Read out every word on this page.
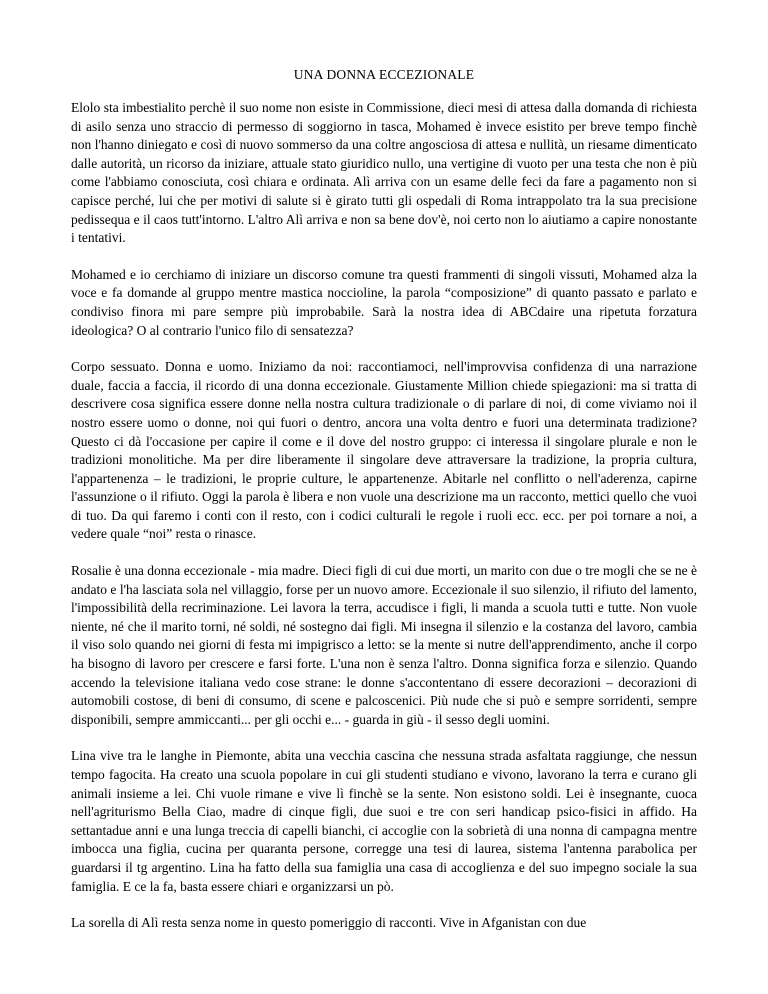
UNA DONNA ECCEZIONALE

Elolo sta imbestialito perchè il suo nome non esiste in Commissione, dieci mesi di attesa dalla domanda di richiesta di asilo senza uno straccio di permesso di soggiorno in tasca, Mohamed è invece esistito per breve tempo finchè non l'hanno diniegato e così di nuovo sommerso da una coltre angosciosa di attesa e nullità, un riesame dimenticato dalle autorità, un ricorso da iniziare, attuale stato giuridico nullo, una vertigine di vuoto per una testa che non è più come l'abbiamo conosciuta, così chiara e ordinata. Alì arriva con un esame delle feci da fare a pagamento non si capisce perché, lui che per motivi di salute si è girato tutti gli ospedali di Roma intrappolato tra la sua precisione pedissequa e il caos tutt'intorno. L'altro Alì arriva e non sa bene dov'è, noi certo non lo aiutiamo a capire nonostante i tentativi.

Mohamed e io cerchiamo di iniziare un discorso comune tra questi frammenti di singoli vissuti, Mohamed alza la voce e fa domande al gruppo mentre mastica noccioline, la parola “composizione” di quanto passato e parlato e condiviso finora mi pare sempre più improbabile. Sarà la nostra idea di ABCdaire una ripetuta forzatura ideologica? O al contrario l'unico filo di sensatezza?

Corpo sessuato. Donna e uomo. Iniziamo da noi: raccontiamoci, nell'improvvisa confidenza di una narrazione duale, faccia a faccia, il ricordo di una donna eccezionale. Giustamente Million chiede spiegazioni: ma si tratta di descrivere cosa significa essere donne nella nostra cultura tradizionale o di parlare di noi, di come viviamo noi il nostro essere uomo o donne, noi qui fuori o dentro, ancora una volta dentro e fuori una determinata tradizione? Questo ci dà l'occasione per capire il come e il dove del nostro gruppo: ci interessa il singolare plurale e non le tradizioni monolitiche. Ma per dire liberamente il singolare deve attraversare la tradizione, la propria cultura, l'appartenenza – le tradizioni, le proprie culture, le appartenenze. Abitarle nel conflitto o nell'aderenza, capirne l'assunzione o il rifiuto. Oggi la parola è libera e non vuole una descrizione ma un racconto, mettici quello che vuoi di tuo. Da qui faremo i conti con il resto, con i codici culturali le regole i ruoli ecc. ecc. per poi tornare a noi, a vedere quale “noi” resta o rinasce.

Rosalie è una donna eccezionale - mia madre. Dieci figli di cui due morti, un marito con due o tre mogli che se ne è andato e l'ha lasciata sola nel villaggio, forse per un nuovo amore. Eccezionale il suo silenzio, il rifiuto del lamento, l'impossibilità della recriminazione. Lei lavora la terra, accudisce i figli, li manda a scuola tutti e tutte. Non vuole niente, né che il marito torni, né soldi, né sostegno dai figli. Mi insegna il silenzio e la costanza del lavoro, cambia il viso solo quando nei giorni di festa mi impigrisco a letto: se la mente si nutre dell'apprendimento, anche il corpo ha bisogno di lavoro per crescere e farsi forte. L'una non è senza l'altro. Donna significa forza e silenzio. Quando accendo la televisione italiana vedo cose strane: le donne s'accontentano di essere decorazioni – decorazioni di automobili costose, di beni di consumo, di scene e palcoscenici. Più nude che si può e sempre sorridenti, sempre disponibili, sempre ammiccanti... per gli occhi e... - guarda in giù - il sesso degli uomini.

Lina vive tra le langhe in Piemonte, abita una vecchia cascina che nessuna strada asfaltata raggiunge, che nessun tempo fagocita. Ha creato una scuola popolare in cui gli studenti studiano e vivono, lavorano la terra e curano gli animali insieme a lei. Chi vuole rimane e vive lì finchè se la sente. Non esistono soldi. Lei è insegnante, cuoca nell'agriturismo Bella Ciao, madre di cinque figli, due suoi e tre con seri handicap psico-fisici in affido. Ha settantadue anni e una lunga treccia di capelli bianchi, ci accoglie con la sobrietà di una nonna di campagna mentre imbocca una figlia, cucina per quaranta persone, corregge una tesi di laurea, sistema l'antenna parabolica per guardarsi il tg argentino. Lina ha fatto della sua famiglia una casa di accoglienza e del suo impegno sociale la sua famiglia. E ce la fa, basta essere chiari e organizzarsi un pò.

La sorella di Alì resta senza nome in questo pomeriggio di racconti. Vive in Afganistan con due
